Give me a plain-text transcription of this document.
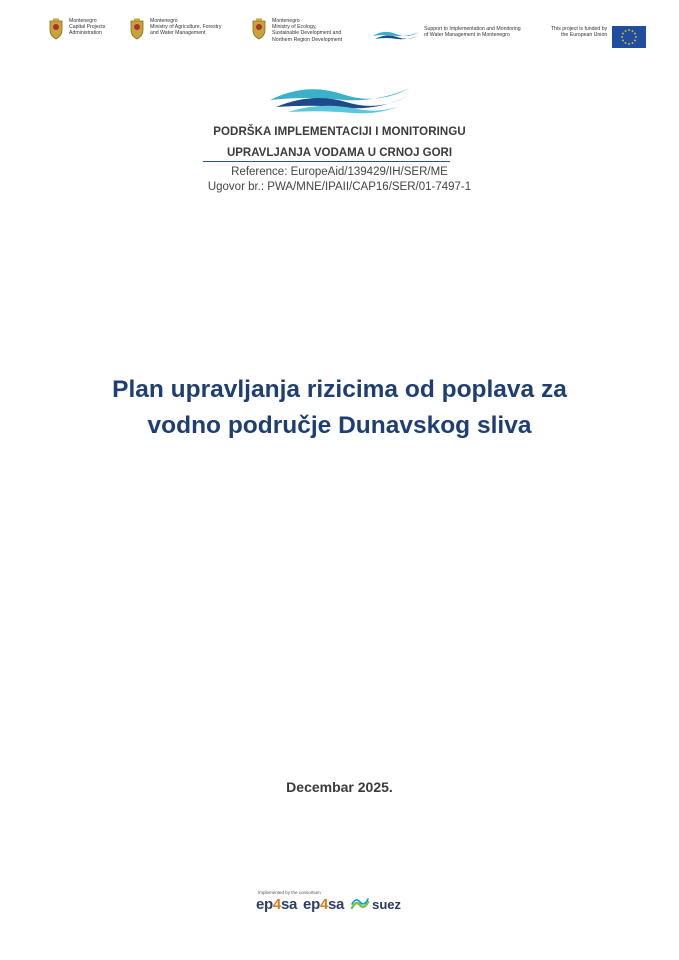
Montenegro
Capital Projects
Administration
Montenegro
Ministry of Agriculture, Forestry
and Water Management
Montenegro
Ministry of Ecology,
Sustainable Development and
Northern Region Development
Support to Implementation and Monitoring
of Water Management in Montenegro
This project is funded by
the European Union
PODRŠKA IMPLEMENTACIJI I MONITORINGU
UPRAVLJANJA VODAMA U CRNOJ GORI
Reference: EuropeAid/139429/IH/SER/ME
Ugovor br.: PWA/MNE/IPAII/CAP16/SER/01-7497-1
Plan upravljanja rizicima od poplava za
vodno područje Dunavskog sliva
Decembar 2025.
Implemented by the consortium
ep4sa ep4sa suez
